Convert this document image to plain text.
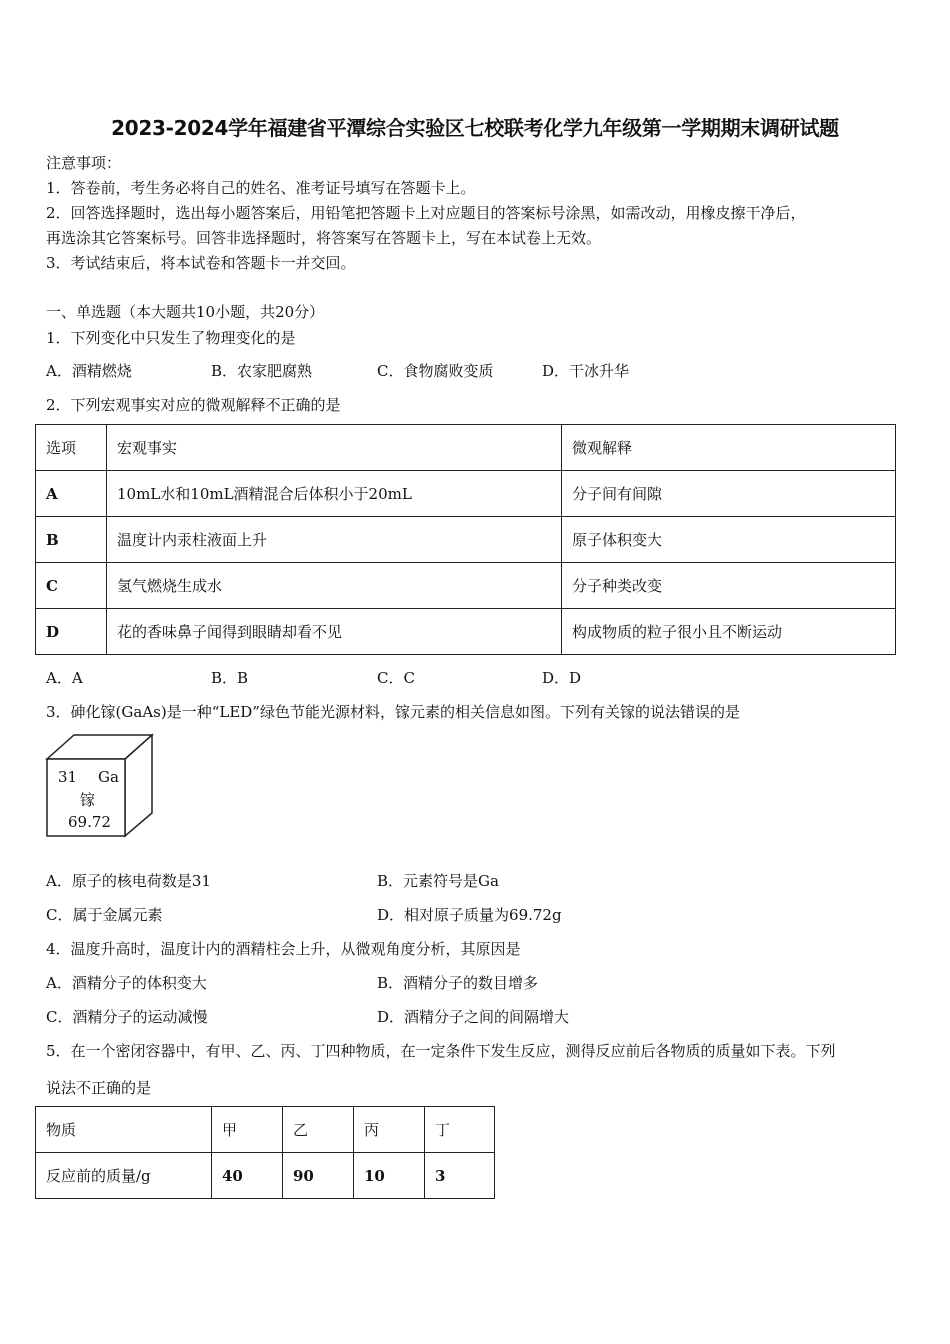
2023-2024学年福建省平潭综合实验区七校联考化学九年级第一学期期末调研试题
注意事项：
1．答卷前，考生务必将自己的姓名、准考证号填写在答题卡上。
2．回答选择题时，选出每小题答案后，用铅笔把答题卡上对应题目的答案标号涂黑，如需改动，用橡皮擦干净后，
再选涂其它答案标号。回答非选择题时，将答案写在答题卡上，写在本试卷上无效。
3．考试结束后，将本试卷和答题卡一并交回。
一、单选题（本大题共10小题，共20分）
1．下列变化中只发生了物理变化的是
A．酒精燃烧	B．农家肥腐熟	C．食物腐败变质	D．干冰升华
2．下列宏观事实对应的微观解释不正确的是
选项	宏观事实	微观解释
A	10mL水和10mL酒精混合后体积小于20mL	分子间有间隙
B	温度计内汞柱液面上升	原子体积变大
C	氢气燃烧生成水	分子种类改变
D	花的香味鼻子闻得到眼睛却看不见	构成物质的粒子很小且不断运动
A．A	B．B	C．C	D．D
3．砷化镓(GaAs)是一种“LED”绿色节能光源材料，镓元素的相关信息如图。下列有关镓的说法错误的是
31 Ga
镓
69.72
A．原子的核电荷数是31	B．元素符号是Ga
C．属于金属元素	D．相对原子质量为69.72g
4．温度升高时，温度计内的酒精柱会上升，从微观角度分析，其原因是
A．酒精分子的体积变大	B．酒精分子的数目增多
C．酒精分子的运动减慢	D．酒精分子之间的间隔增大
5．在一个密闭容器中，有甲、乙、丙、丁四种物质，在一定条件下发生反应，测得反应前后各物质的质量如下表。下列
说法不正确的是
物质	甲	乙	丙	丁
反应前的质量/g	40	90	10	3
